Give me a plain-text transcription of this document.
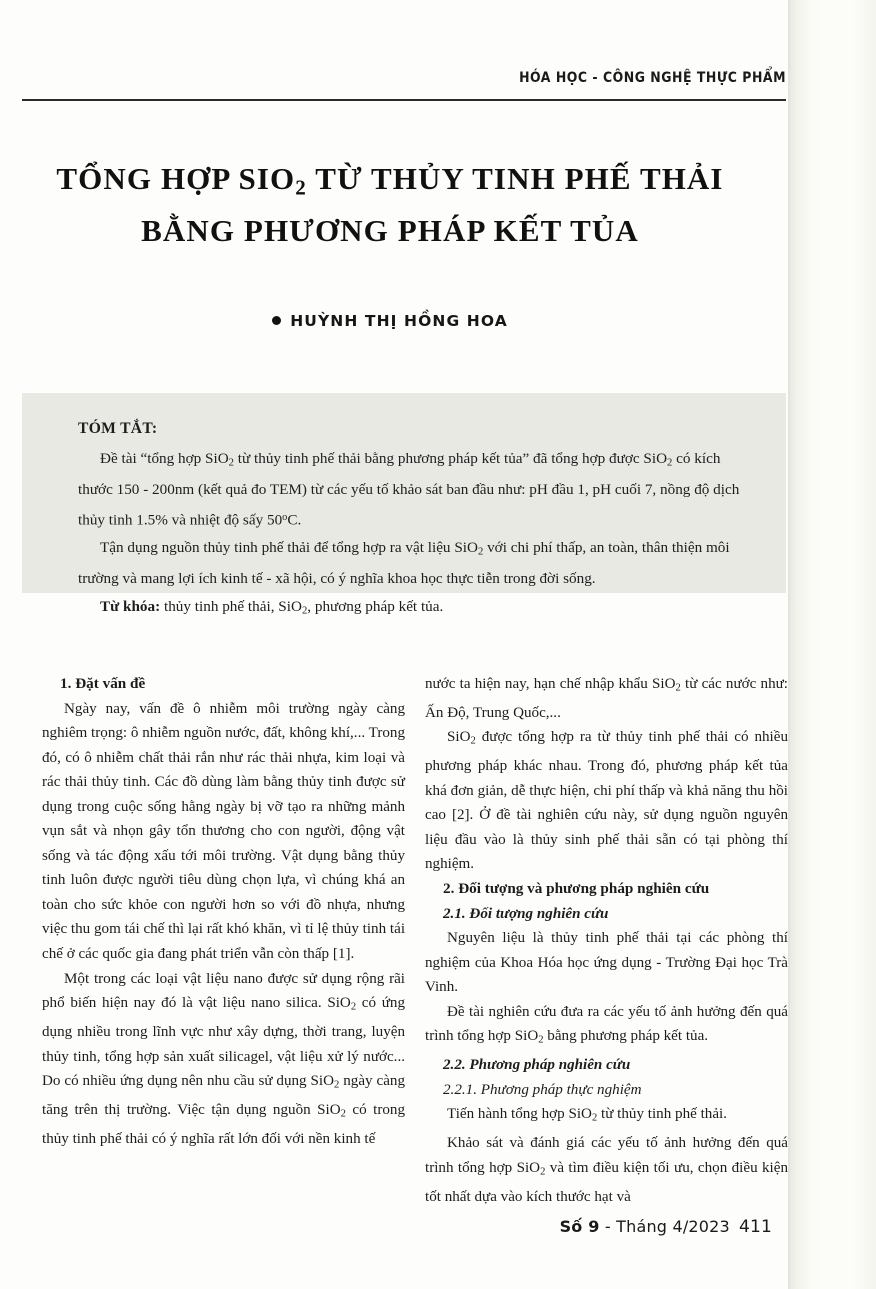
HÓA HỌC - CÔNG NGHỆ THỰC PHẨM
TỔNG HỢP $SIO_2$ TỪ THỦY TINH PHẾ THẢI
BẰNG PHƯƠNG PHÁP KẾT TỦA
HUỲNH THỊ HỒNG HOA
TÓM TẮT:

Đề tài “tổng hợp SiO$_2$ từ thủy tinh phế thải bằng phương pháp kết tủa” đã tổng hợp được SiO$_2$ có kích thước 150 - 200nm (kết quả đo TEM) từ các yếu tố khảo sát ban đầu như: pH đầu 1, pH cuối 7, nồng độ dịch thủy tinh 1.5% và nhiệt độ sấy 50$^o$C.

Tận dụng nguồn thủy tinh phế thải để tổng hợp ra vật liệu SiO$_2$ với chi phí thấp, an toàn, thân thiện môi trường và mang lợi ích kinh tế - xã hội, có ý nghĩa khoa học thực tiễn trong đời sống.

Từ khóa: thủy tinh phế thải, SiO$_2$, phương pháp kết tủa.

1. Đặt vấn đề

Ngày nay, vấn đề ô nhiễm môi trường ngày càng nghiêm trọng: ô nhiễm nguồn nước, đất, không khí,... Trong đó, có ô nhiễm chất thải rắn như rác thải nhựa, kim loại và rác thải thủy tinh. Các đồ dùng làm bằng thủy tinh được sử dụng trong cuộc sống hằng ngày bị vỡ tạo ra những mảnh vụn sắt và nhọn gây tổn thương cho con người, động vật sống và tác động xấu tới môi trường. Vật dụng bằng thủy tinh luôn được người tiêu dùng chọn lựa, vì chúng khá an toàn cho sức khỏe con người hơn so với đồ nhựa, nhưng việc thu gom tái chế thì lại rất khó khăn, vì tỉ lệ thủy tinh tái chế ở các quốc gia đang phát triển vẫn còn thấp [1].

Một trong các loại vật liệu nano được sử dụng rộng rãi phổ biến hiện nay đó là vật liệu nano silica. SiO$_2$ có ứng dụng nhiều trong lĩnh vực như xây dựng, thời trang, luyện thủy tinh, tổng hợp sản xuất silicagel, vật liệu xử lý nước... Do có nhiều ứng dụng nên nhu cầu sử dụng SiO$_2$ ngày càng tăng trên thị trường. Việc tận dụng nguồn SiO$_2$ có trong thủy tinh phế thải có ý nghĩa rất lớn đối với nền kinh tế

nước ta hiện nay, hạn chế nhập khẩu SiO$_2$ từ các nước như: Ấn Độ, Trung Quốc,...

SiO$_2$ được tổng hợp ra từ thủy tinh phế thải có nhiều phương pháp khác nhau. Trong đó, phương pháp kết tủa khá đơn giản, dễ thực hiện, chi phí thấp và khả năng thu hồi cao [2]. Ở đề tài nghiên cứu này, sử dụng nguồn nguyên liệu đầu vào là thủy sinh phế thải sẵn có tại phòng thí nghiệm.

2. Đối tượng và phương pháp nghiên cứu

2.1. Đối tượng nghiên cứu

Nguyên liệu là thủy tinh phế thải tại các phòng thí nghiệm của Khoa Hóa học ứng dụng - Trường Đại học Trà Vinh.

Đề tài nghiên cứu đưa ra các yếu tố ảnh hưởng đến quá trình tổng hợp SiO$_2$ bằng phương pháp kết tủa.

2.2. Phương pháp nghiên cứu

2.2.1. Phương pháp thực nghiệm

Tiến hành tổng hợp SiO$_2$ từ thủy tinh phế thải.

Khảo sát và đánh giá các yếu tố ảnh hưởng đến quá trình tổng hợp SiO$_2$ và tìm điều kiện tối ưu, chọn điều kiện tốt nhất dựa vào kích thước hạt và

Số 9 - Tháng 4/2023 411
